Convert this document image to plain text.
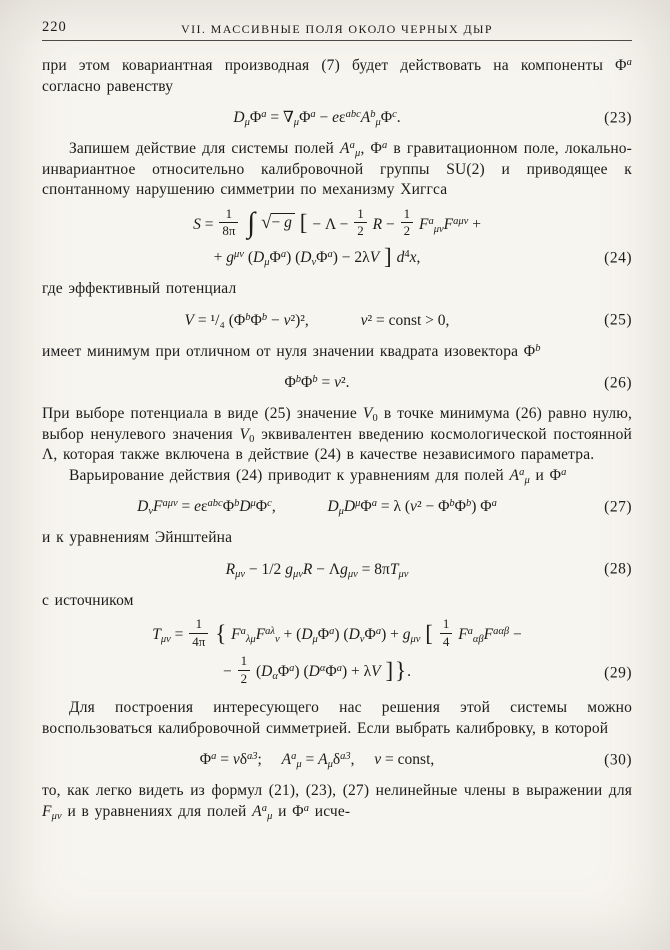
220	VII. МАССИВНЫЕ ПОЛЯ ОКОЛО ЧЕРНЫХ ДЫР

при этом ковариантная производная (7) будет действовать на компоненты $\Phi^a$ согласно равенству

$D_\mu\Phi^a = \nabla_\mu\Phi^a - e\varepsilon^{abc}A^b_\mu\Phi^c$.	(23)

Запишем действие для системы полей $A^a_\mu$, $\Phi^a$ в гравитационном поле, локально-инвариантное относительно калибровочной группы SU(2) и приводящее к спонтанному нарушению симметрии по механизму Хиггса

$S = \frac{1}{8\pi}$ ∫ √− g [ − $\Lambda - \frac{1}{2}$ $R - \frac{1}{2} F^a_{\mu\nu}F^{a\mu\nu}$ +
+ $g^{\mu\nu}$ $(D_\mu\Phi^a) (D_\nu\Phi^a) - 2\lambda V$ ] $d^4x$,	(24)

где эффективный потенциал

V = ¹/₄ $(\Phi^b\Phi^b - v^2)^2$,	v² = const > 0,	(25)

имеет минимум при отличном от нуля значении квадрата изовектора $\Phi^b$

$\Phi^b\Phi^b = v^2$.	(26)

При выборе потенциала в виде (25) значение $V_0$ в точке минимума (26) равно нулю, выбор ненулевого значения $V_0$ эквивалентен введению космологической постоянной Λ, которая также включена в действие (24) в качестве независимого параметра.

Варьирование действия (24) приводит к уравнениям для полей $A^a_\mu$ и $\Phi^a$

$D_\nu F^{a\mu\nu} = e\varepsilon^{abc}\Phi^bD^\mu\Phi^c$,	$D_\mu D^\mu\Phi^a = \lambda$ $(v^2 - \Phi^b\Phi^b)$ $\Phi^a$	(27)

и к уравнениям Эйнштейна

$R_{\mu\nu} - 1/2$ $g_{\mu\nu}R - \Lambda g_{\mu\nu} = 8\pi T_{\mu\nu}$	(28)

с источником

$T_{\mu\nu} = \frac{1}{4\pi}$ { $F^a_{\lambda\mu}F^{a\lambda}_\nu + (D_\mu\Phi^a) (D_\nu\Phi^a) + g_{\mu\nu}$ [ $\frac{1}{4} F^a_{\alpha\beta}F^{a\alpha\beta}$ −
− $\frac{1}{2} (D_\alpha\Phi^a) (D^\alpha\Phi^a) + \lambda V$ ]}.	(29)

Для построения интересующего нас решения этой системы можно воспользоваться калибровочной симметрией. Если выбрать калибровку, в которой

$\Phi^a = v\delta^{a3}$;  $A^a_\mu = A_\mu\delta^{a3}$,  v = const,	(30)

то, как легко видеть из формул (21), (23), (27) нелинейные члены в выражении для $F_{\mu\nu}$ и в уравнениях для полей $A^a_\mu$ и $\Phi^a$ исче-
